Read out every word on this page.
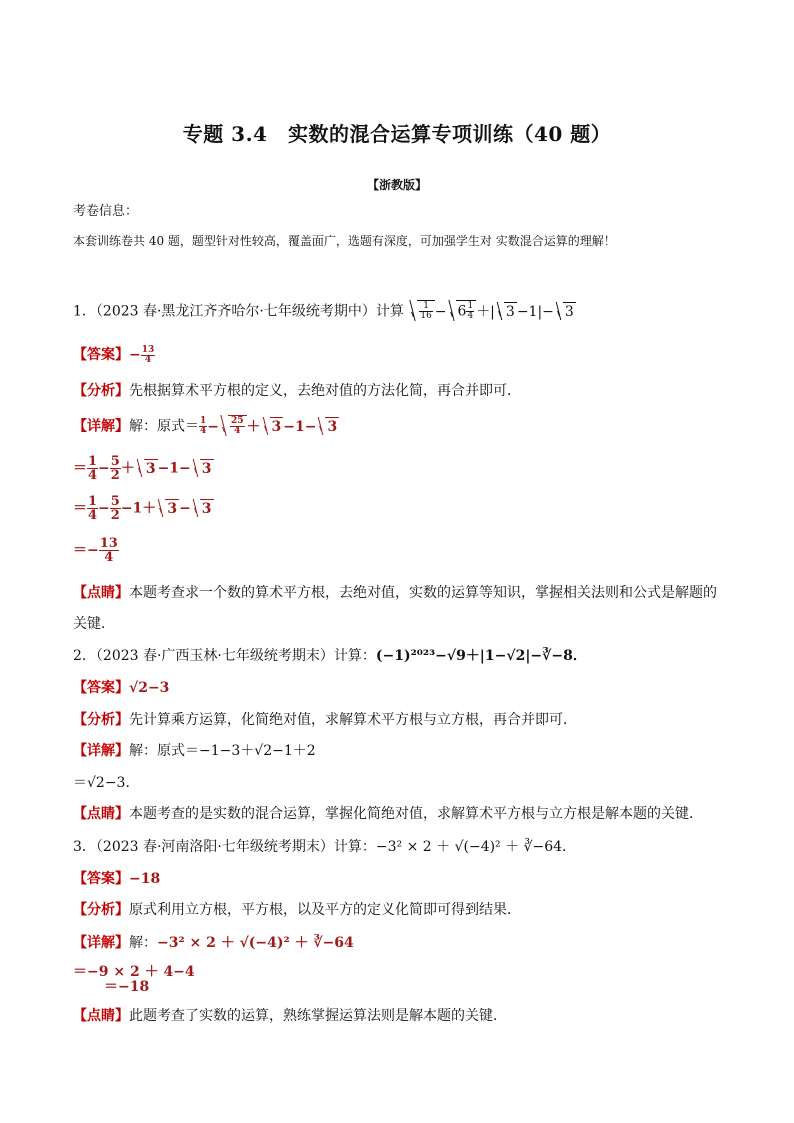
专题 3.4　实数的混合运算专项训练（40 题）
【浙教版】
考卷信息：
本套训练卷共 40 题，题型针对性较高，覆盖面广，选题有深度，可加强学生对 实数混合运算的理解！
1．（2023 春·黑龙江齐齐哈尔·七年级统考期中）计算 $\frac{1}{16} - 6 \frac{1}{4}$ ＋| 3 −1|− 3
【答案】− $\frac{13}{4}$
【分析】先根据算术平方根的定义，去绝对值的方法化简，再合并即可．
【详解】解：原式＝ $\frac{1}{4} - \frac{25}{4} + 3 -1- 3$
＝ $\frac{1}{4} - \frac{5}{2} + 3 -1- 3$
＝ $\frac{1}{4} - \frac{5}{2} -1+ 3 - 3$
＝− $\frac{13}{4}$
【点睛】本题考查求一个数的算术平方根，去绝对值，实数的运算等知识，掌握相关法则和公式是解题的
关键．
2．（2023 春·广西玉林·七年级统考期末）计算：(−1)²⁰²³−√9＋|1−√2|−∛−8．
【答案】√2−3
【分析】先计算乘方运算，化简绝对值，求解算术平方根与立方根，再合并即可．
【详解】解：原式＝−1−3＋√2−1＋2
＝√2−3．
【点睛】本题考查的是实数的混合运算，掌握化简绝对值，求解算术平方根与立方根是解本题的关键．
3．（2023 春·河南洛阳·七年级统考期末）计算：−3² × 2 ＋ √(−4)² ＋ ∛−64．
【答案】−18
【分析】原式利用立方根，平方根，以及平方的定义化简即可得到结果．
【详解】解：−3² × 2 ＋ √(−4)² ＋ ∛−64
＝−9 × 2 ＋ 4−4
＝−18
【点睛】此题考查了实数的运算，熟练掌握运算法则是解本题的关键．
